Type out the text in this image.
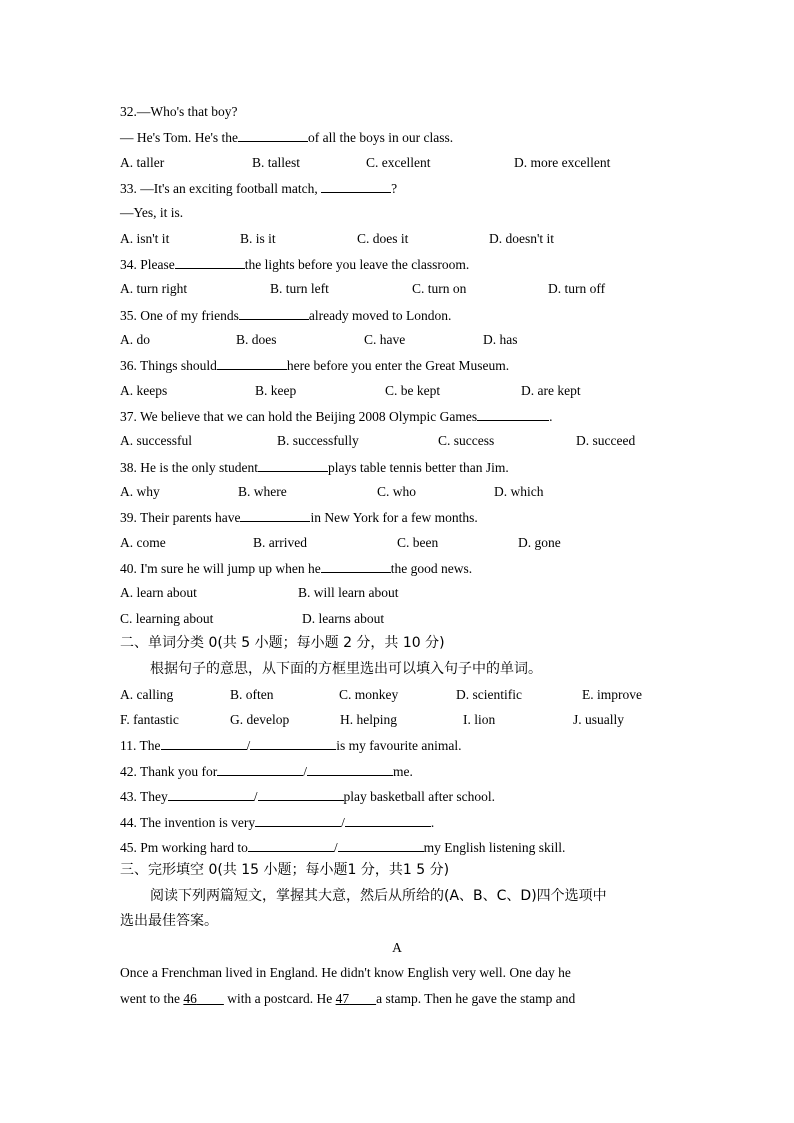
32.—Who's that boy?
— He's Tom. He's the	of all the boys in our class.
A. taller	B. tallest	C. excellent	D. more excellent
33. —It's an exciting football match,	?
—Yes, it is.
A. isn't it	B. is it	C. does it	D. doesn't it
34. Please	the lights before you leave the classroom.
A. turn right	B. turn left	C. turn on	D. turn off
35. One of my friends	already moved to London.
A. do	B. does	C. have	D. has
36. Things should	here before you enter the Great Museum.
A. keeps	B. keep	C. be kept	D. are kept
37. We believe that we can hold the Beijing 2008 Olympic Games	.
A. successful	B. successfully	C. success	D. succeed
38. He is the only student	plays table tennis better than Jim.
A. why	B. where	C. who	D. which
39. Their parents have	in New York for a few months.
A. come	B. arrived	C. been	D. gone
40. I'm sure he will jump up when he	the good news.
A. learn about	B. will learn about
C. learning about	D. learns about
二、单词分类 0(共 5 小题；每小题 2 分，共 10 分)
根据句子的意思，从下面的方框里选出可以填入句子中的单词。
A. calling	B. often	C. monkey	D. scientific	E. improve
F. fantastic	G. develop	H. helping	I. lion	J. usually
11. The	/	is my favourite animal.
42. Thank you for	/	me.
43. They	/	play basketball after school.
44. The invention is very	/	.
45. Pm working hard to	/	my English listening skill.
三、完形填空 0(共 15 小题；每小题1 分，共1 5 分)
阅读下列两篇短文，掌握其大意，然后从所给的(A、B、C、D)四个选项中
选出最佳答案。
A
Once a Frenchman lived in England. He didn't know English very well. One day he
went to the 46 with a postcard. He 47 a stamp. Then he gave the stamp and
